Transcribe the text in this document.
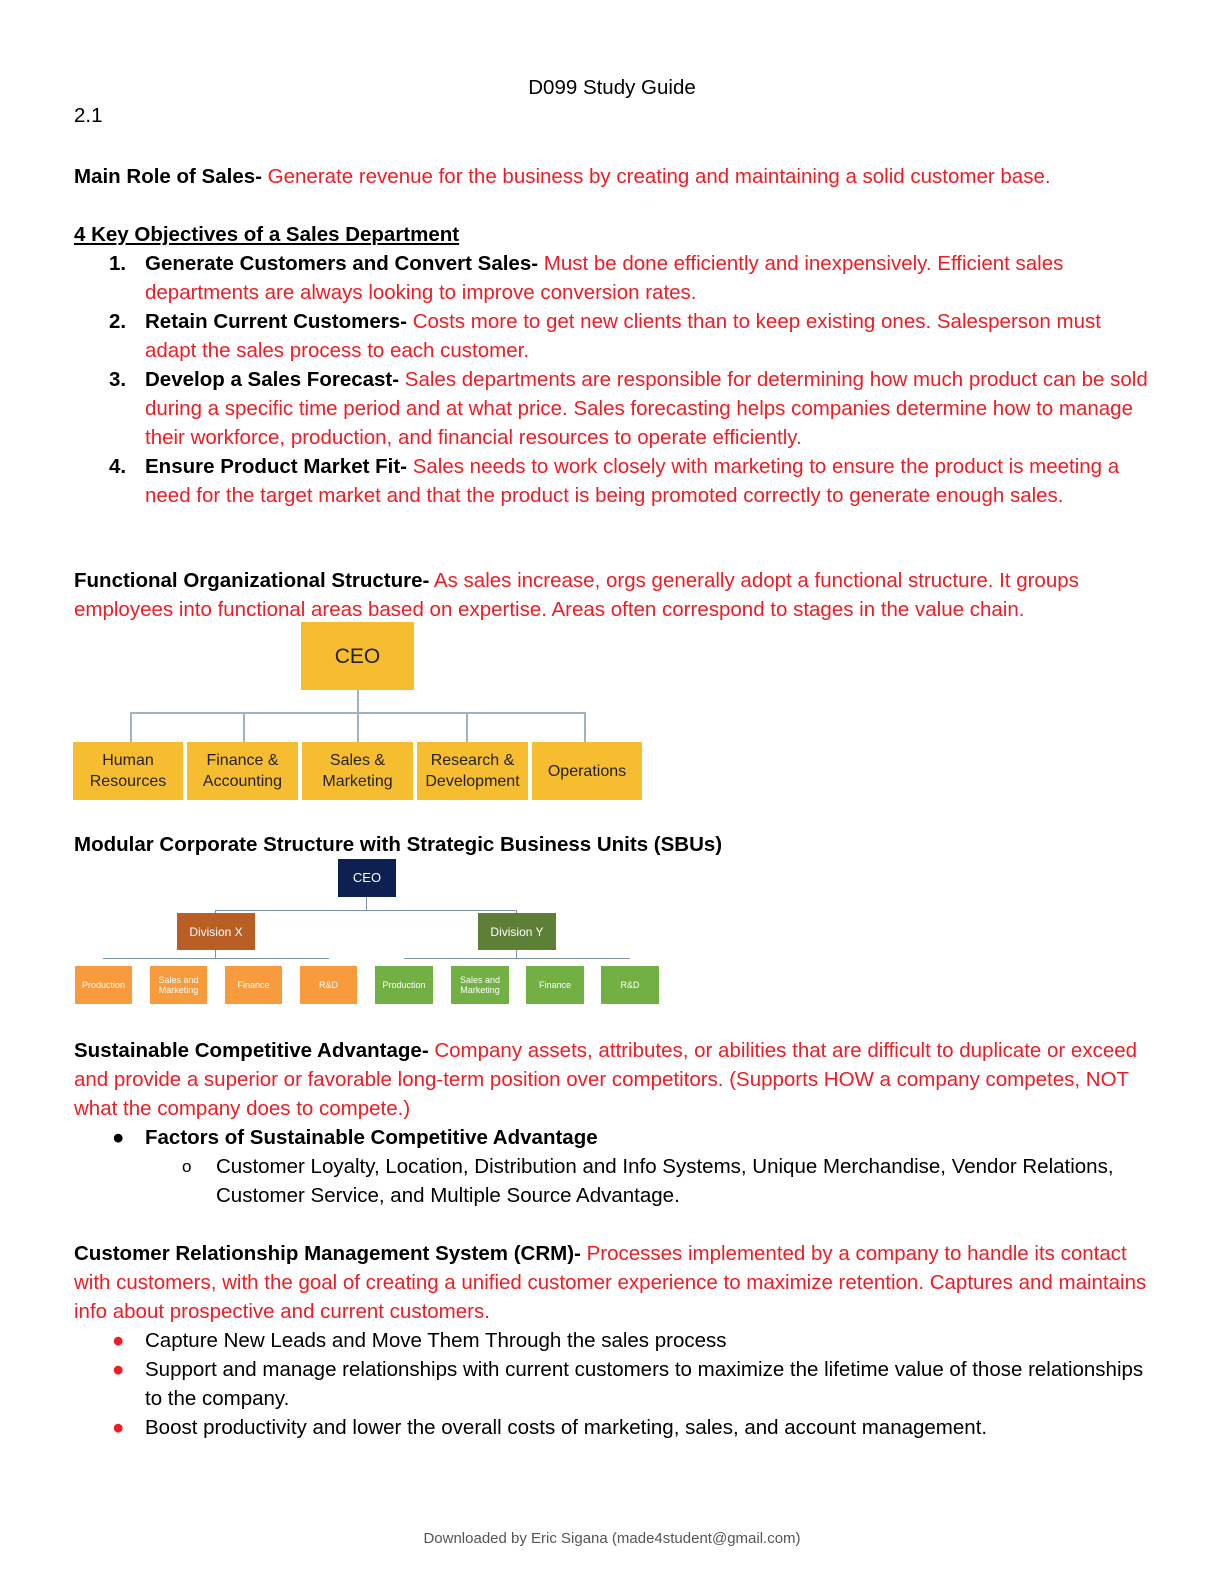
D099 Study Guide
2.1
Main Role of Sales- Generate revenue for the business by creating and maintaining a solid customer base.
4 Key Objectives of a Sales Department
1. Generate Customers and Convert Sales- Must be done efficiently and inexpensively. Efficient sales departments are always looking to improve conversion rates.
2. Retain Current Customers- Costs more to get new clients than to keep existing ones. Salesperson must adapt the sales process to each customer.
3. Develop a Sales Forecast- Sales departments are responsible for determining how much product can be sold during a specific time period and at what price. Sales forecasting helps companies determine how to manage their workforce, production, and financial resources to operate efficiently.
4. Ensure Product Market Fit- Sales needs to work closely with marketing to ensure the product is meeting a need for the target market and that the product is being promoted correctly to generate enough sales.
Functional Organizational Structure- As sales increase, orgs generally adopt a functional structure. It groups employees into functional areas based on expertise. Areas often correspond to stages in the value chain.
CEO
Human Resources
Finance & Accounting
Sales & Marketing
Research & Development
Operations
Modular Corporate Structure with Strategic Business Units (SBUs)
CEO
Division X	Division Y
Production	Sales and Marketing	Finance	R&D	Production	Sales and Marketing	Finance	R&D
Sustainable Competitive Advantage- Company assets, attributes, or abilities that are difficult to duplicate or exceed and provide a superior or favorable long-term position over competitors. (Supports HOW a company competes, NOT what the company does to compete.)
● Factors of Sustainable Competitive Advantage
o Customer Loyalty, Location, Distribution and Info Systems, Unique Merchandise, Vendor Relations, Customer Service, and Multiple Source Advantage.
Customer Relationship Management System (CRM)- Processes implemented by a company to handle its contact with customers, with the goal of creating a unified customer experience to maximize retention. Captures and maintains info about prospective and current customers.
● Capture New Leads and Move Them Through the sales process
● Support and manage relationships with current customers to maximize the lifetime value of those relationships to the company.
● Boost productivity and lower the overall costs of marketing, sales, and account management.
Downloaded by Eric Sigana (made4student@gmail.com)
